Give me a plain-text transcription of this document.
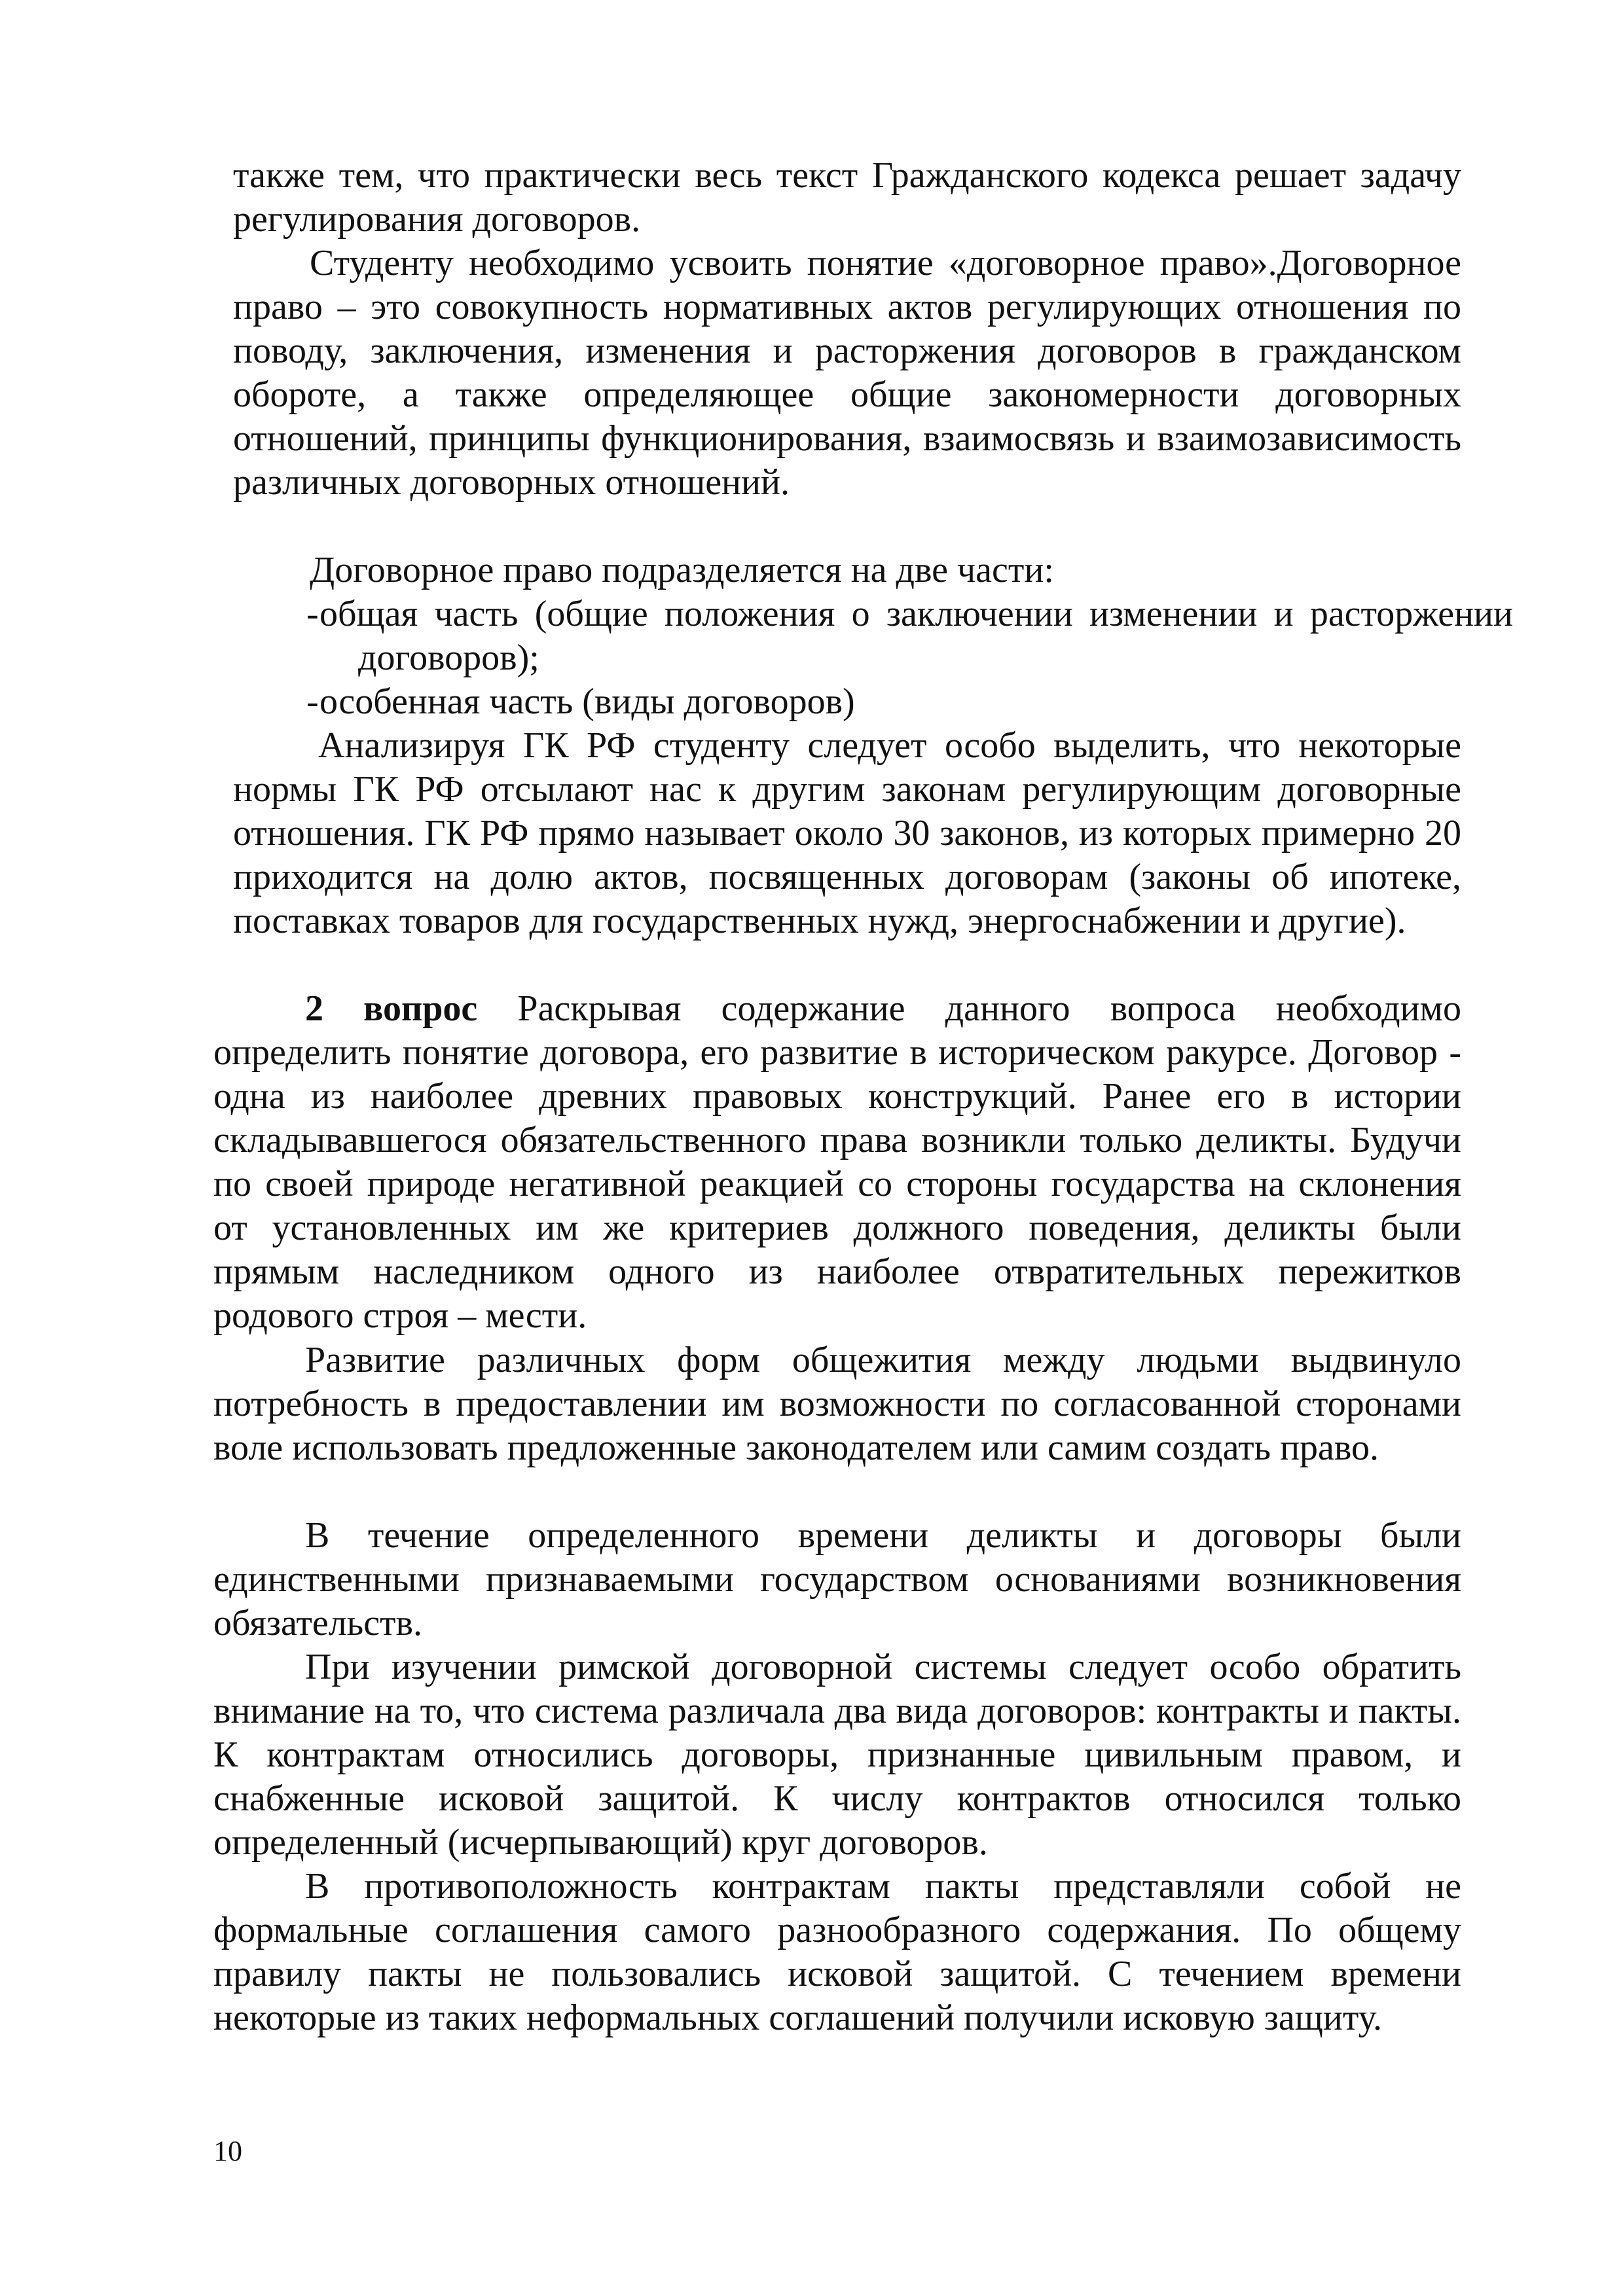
также тем, что практически весь текст Гражданского кодекса решает задачу регулирования договоров.

Студенту необходимо усвоить понятие «договорное право».Договорное право – это совокупность нормативных актов регулирующих отношения по поводу, заключения, изменения и расторжения договоров в гражданском обороте, а также определяющее общие закономерности договорных отношений, принципы функционирования, взаимосвязь и взаимозависимость различных договорных отношений.

Договорное право подразделяется на две части:

-общая часть (общие положения о заключении изменении и расторжении договоров);

-особенная часть (виды договоров)

Анализируя ГК РФ студенту следует особо выделить, что некоторые нормы ГК РФ отсылают нас к другим законам регулирующим договорные отношения. ГК РФ прямо называет около 30 законов, из которых примерно 20 приходится на долю актов, посвященных договорам (законы об ипотеке, поставках товаров для государственных нужд, энергоснабжении и другие).

2 вопрос Раскрывая содержание данного вопроса необходимо определить понятие договора, его развитие в историческом ракурсе. Договор - одна из наиболее древних правовых конструкций. Ранее его в истории складывавшегося обязательственного права возникли только деликты. Будучи по своей природе негативной реакцией со стороны государства на склонения от установленных им же критериев должного поведения, деликты были прямым наследником одного из наиболее отвратительных пережитков родового строя – мести.

Развитие различных форм общежития между людьми выдвинуло потребность в предоставлении им возможности по согласованной сторонами воле использовать предложенные законодателем или самим создать право.

В течение определенного времени деликты и договоры были единственными признаваемыми государством основаниями возникновения обязательств.

При изучении римской договорной системы следует особо обратить внимание на то, что система различала два вида договоров: контракты и пакты. К контрактам относились договоры, признанные цивильным правом, и снабженные исковой защитой. К числу контрактов относился только определенный (исчерпывающий) круг договоров.

В противоположность контрактам пакты представляли собой не формальные соглашения самого разнообразного содержания. По общему правилу пакты не пользовались исковой защитой. С течением времени некоторые из таких неформальных соглашений получили исковую защиту.

10
